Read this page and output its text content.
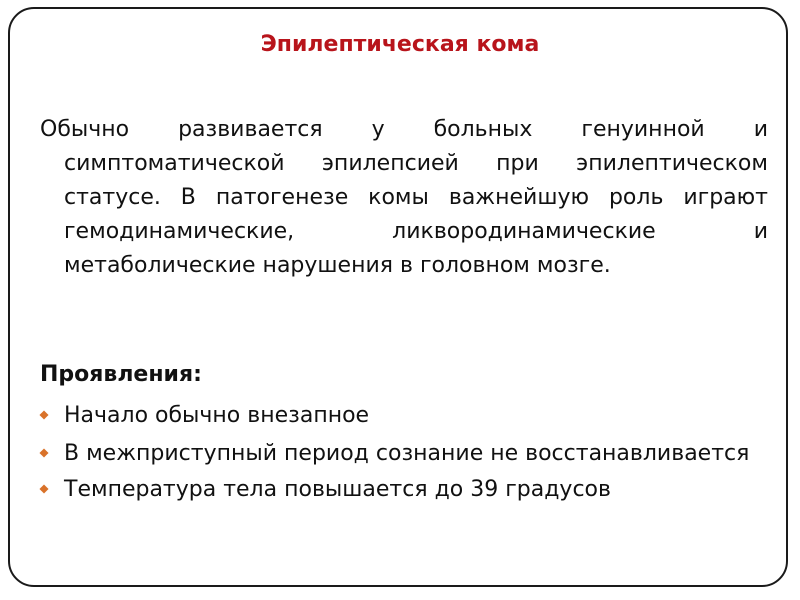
Эпилептическая кома

Обычно развивается у больных генуинной и симптоматической эпилепсией при эпилептическом статусе. В патогенезе комы важнейшую роль играют гемодинамические, ликвородинамические и метаболические нарушения в головном мозге.

Проявления:
Начало обычно внезапное
В межприступный период сознание не восстанавливается
Температура тела повышается до 39 градусов
